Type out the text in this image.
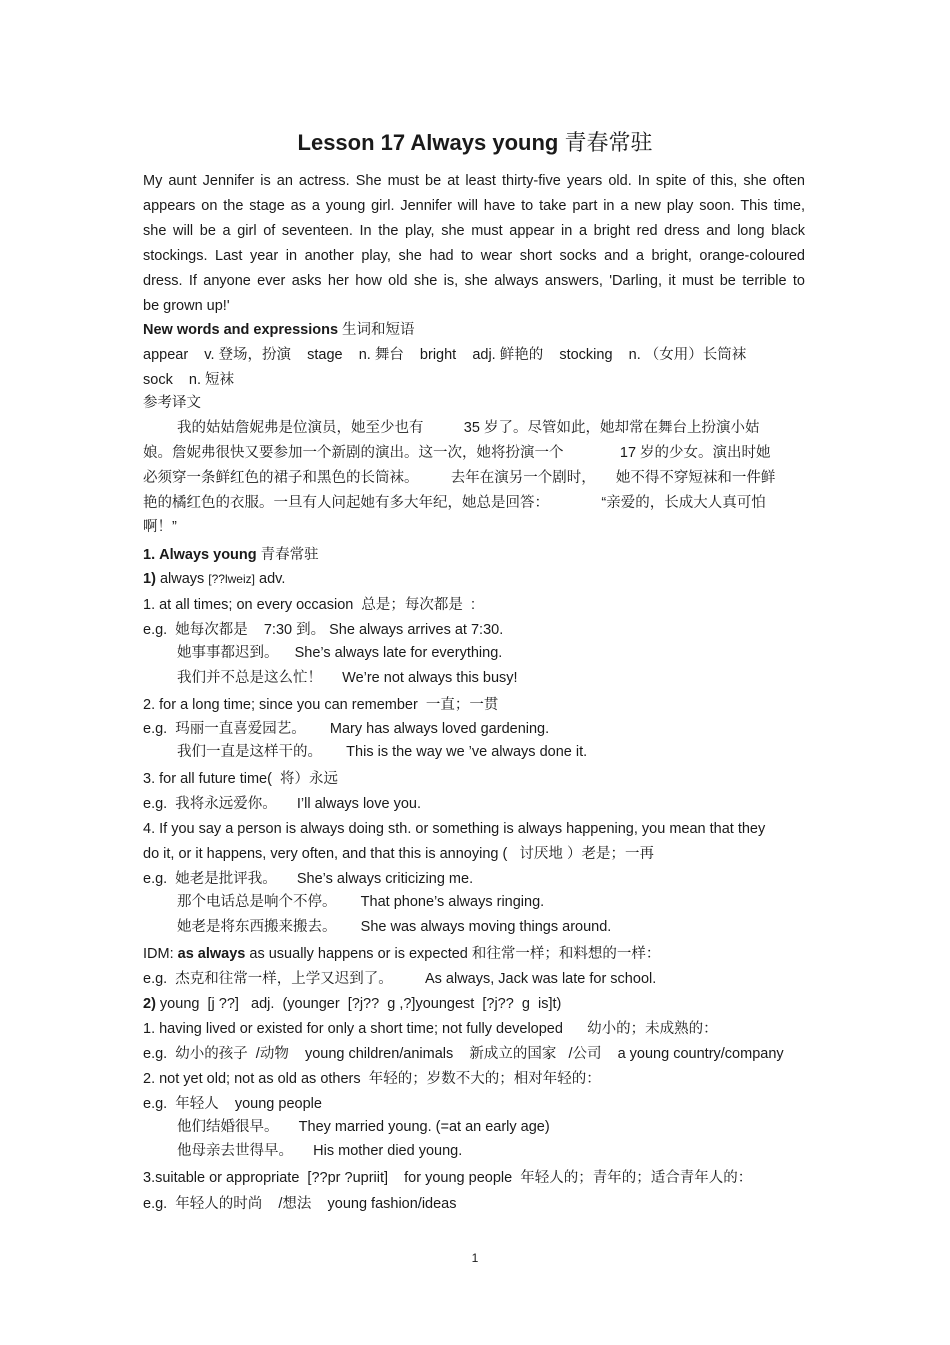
Lesson 17 Always young 青春常驻
My aunt Jennifer is an actress. She must be at least thirty-five years old. In spite of this, she often
appears on the stage as a young girl. Jennifer will have to take part in a new play soon. This time,
she will be a girl of seventeen. In the play, she must appear in a bright red dress and long black
stockings. Last year in another play, she had to wear short socks and a bright, orange-coloured
dress. If anyone ever asks her how old she is, she always answers, 'Darling, it must be terrible to
be grown up!'
New words and expressions 生词和短语
appear    v. 登场，扮演    stage    n. 舞台    bright    adj. 鲜艳的    stocking    n. （女用）长筒袜
sock    n. 短袜
参考译文
我的姑姑詹妮弗是位演员，她至少也有          35 岁了。尽管如此，她却常在舞台上扮演小姑
娘。詹妮弗很快又要参加一个新剧的演出。这一次，她将扮演一个              17 岁的少女。演出时她
必须穿一条鲜红色的裙子和黑色的长筒袜。        去年在演另一个剧时，     她不得不穿短袜和一件鲜
艳的橘红色的衣服。一旦有人问起她有多大年纪，她总是回答：             “亲爱的，长成大人真可怕
啊！”
1. Always young 青春常驻
1) always [??lweiz] adv.
1. at all times; on every occasion  总是；每次都是  :
e.g.  她每次都是    7:30 到。 She always arrives at 7:30.
她事事都迟到。    She’s always late for everything.
我们并不总是这么忙！     We’re not always this busy!
2. for a long time; since you can remember  一直；一贯
e.g.  玛丽一直喜爱园艺。      Mary has always loved gardening.
我们一直是这样干的。      This is the way we ’ve always done it.
3. for all future time(  将）永远
e.g.  我将永远爱你。     I’ll always love you.
4. If you say a person is always doing sth. or something is always happening, you mean that they
do it, or it happens, very often, and that this is annoying (   讨厌地 ）老是；一再
e.g.  她老是批评我。     She’s always criticizing me.
那个电话总是响个不停。      That phone’s always ringing.
她老是将东西搬来搬去。      She was always moving things around.
IDM: as always as usually happens or is expected 和往常一样；和料想的一样：
e.g.  杰克和往常一样，上学又迟到了。        As always, Jack was late for school.
2) young  [j ??]   adj.  (younger  [?j??  g ,?]youngest  [?j??  g  is]t)
1. having lived or existed for only a short time; not fully developed      幼小的；未成熟的：
e.g.  幼小的孩子  /动物    young children/animals    新成立的国家   /公司    a young country/company
2. not yet old; not as old as others  年轻的；岁数不大的；相对年轻的：
e.g.  年轻人    young people
他们结婚很早。     They married young. (=at an early age)
他母亲去世得早。     His mother died young.
3.suitable or appropriate  [??pr ?upriit]    for young people  年轻人的；青年的；适合青年人的：
e.g.  年轻人的时尚    /想法    young fashion/ideas
1
